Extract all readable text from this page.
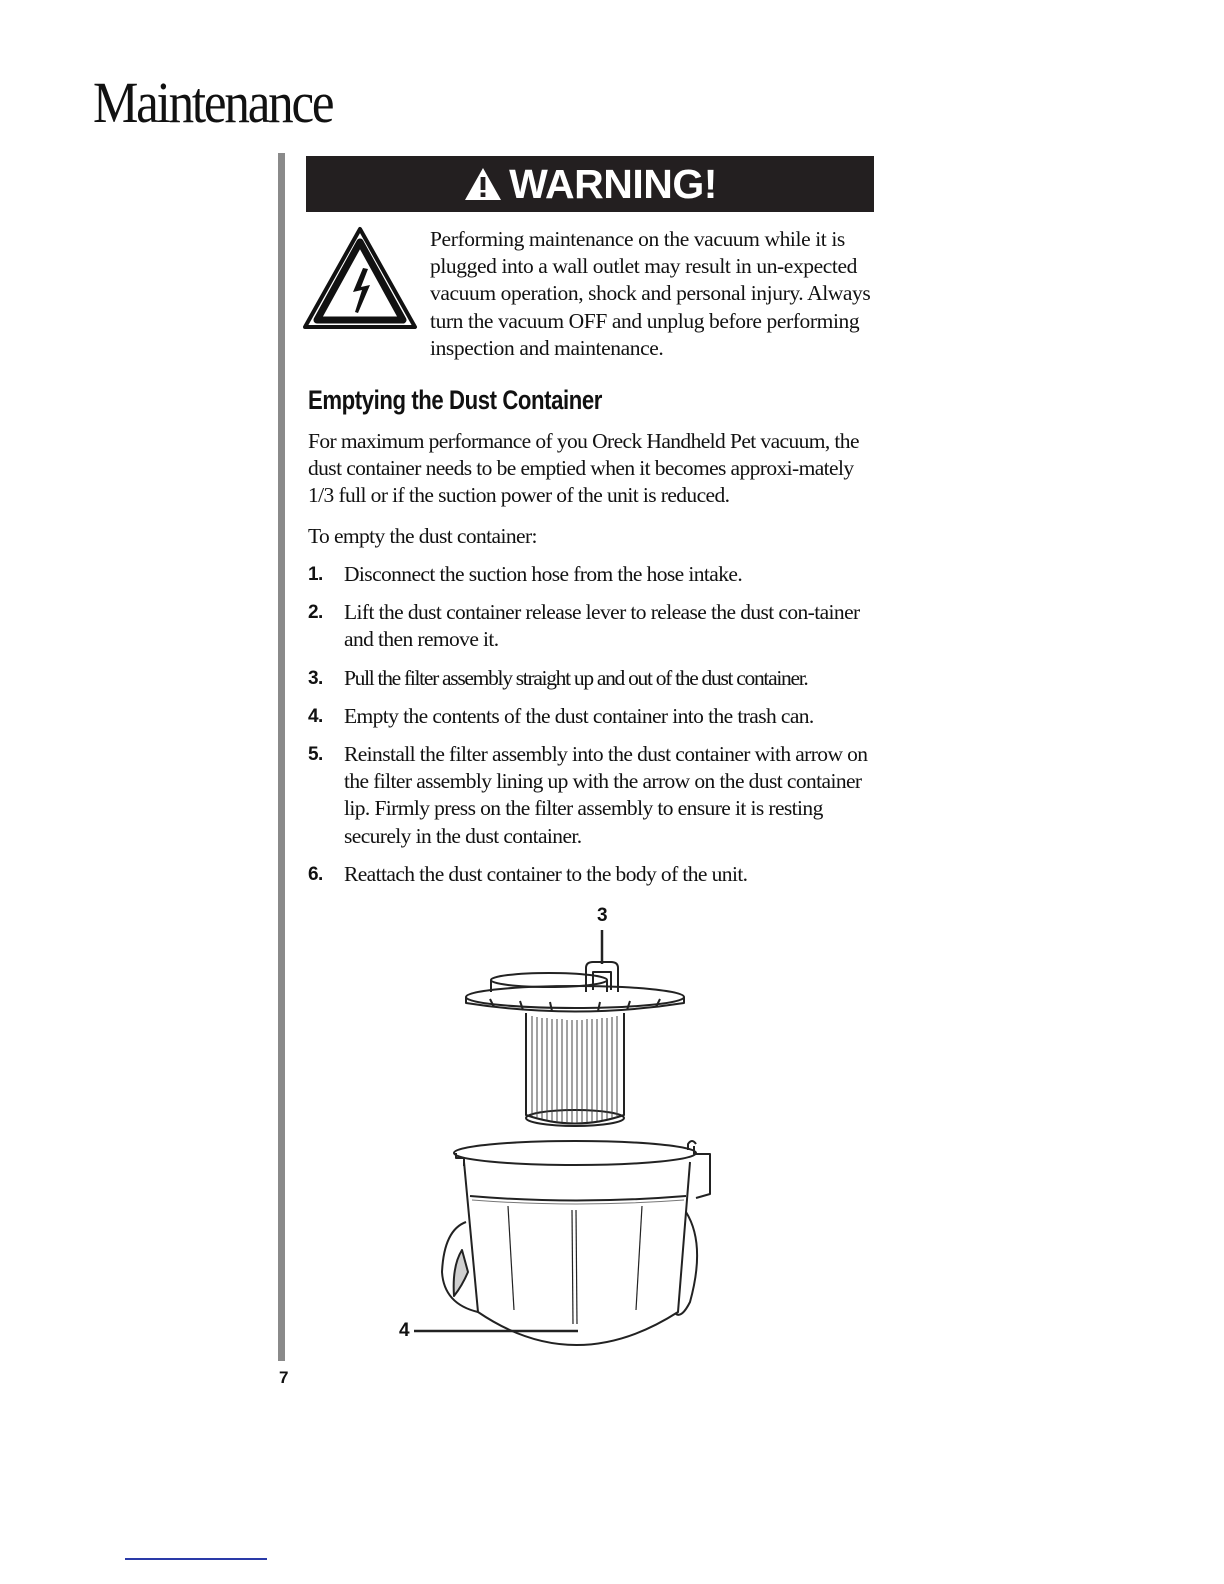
Maintenance
WARNING!
Performing maintenance on the vacuum while it is plugged into a wall outlet may result in un-expected vacuum operation, shock and personal injury. Always turn the vacuum OFF and unplug before performing inspection and maintenance.
Emptying the Dust Container

For maximum performance of you Oreck Handheld Pet vacuum, the dust container needs to be emptied when it becomes approxi-mately 1/3 full or if the suction power of the unit is reduced.

To empty the dust container:

1. Disconnect the suction hose from the hose intake.
2. Lift the dust container release lever to release the dust con-tainer and then remove it.
3. Pull the filter assembly straight up and out of the dust container.
4. Empty the contents of the dust container into the trash can.
5. Reinstall the filter assembly into the dust container with arrow on the filter assembly lining up with the arrow on the dust container lip. Firmly press on the filter assembly to ensure it is resting securely in the dust container.
6. Reattach the dust container to the body of the unit.
3
4
7
